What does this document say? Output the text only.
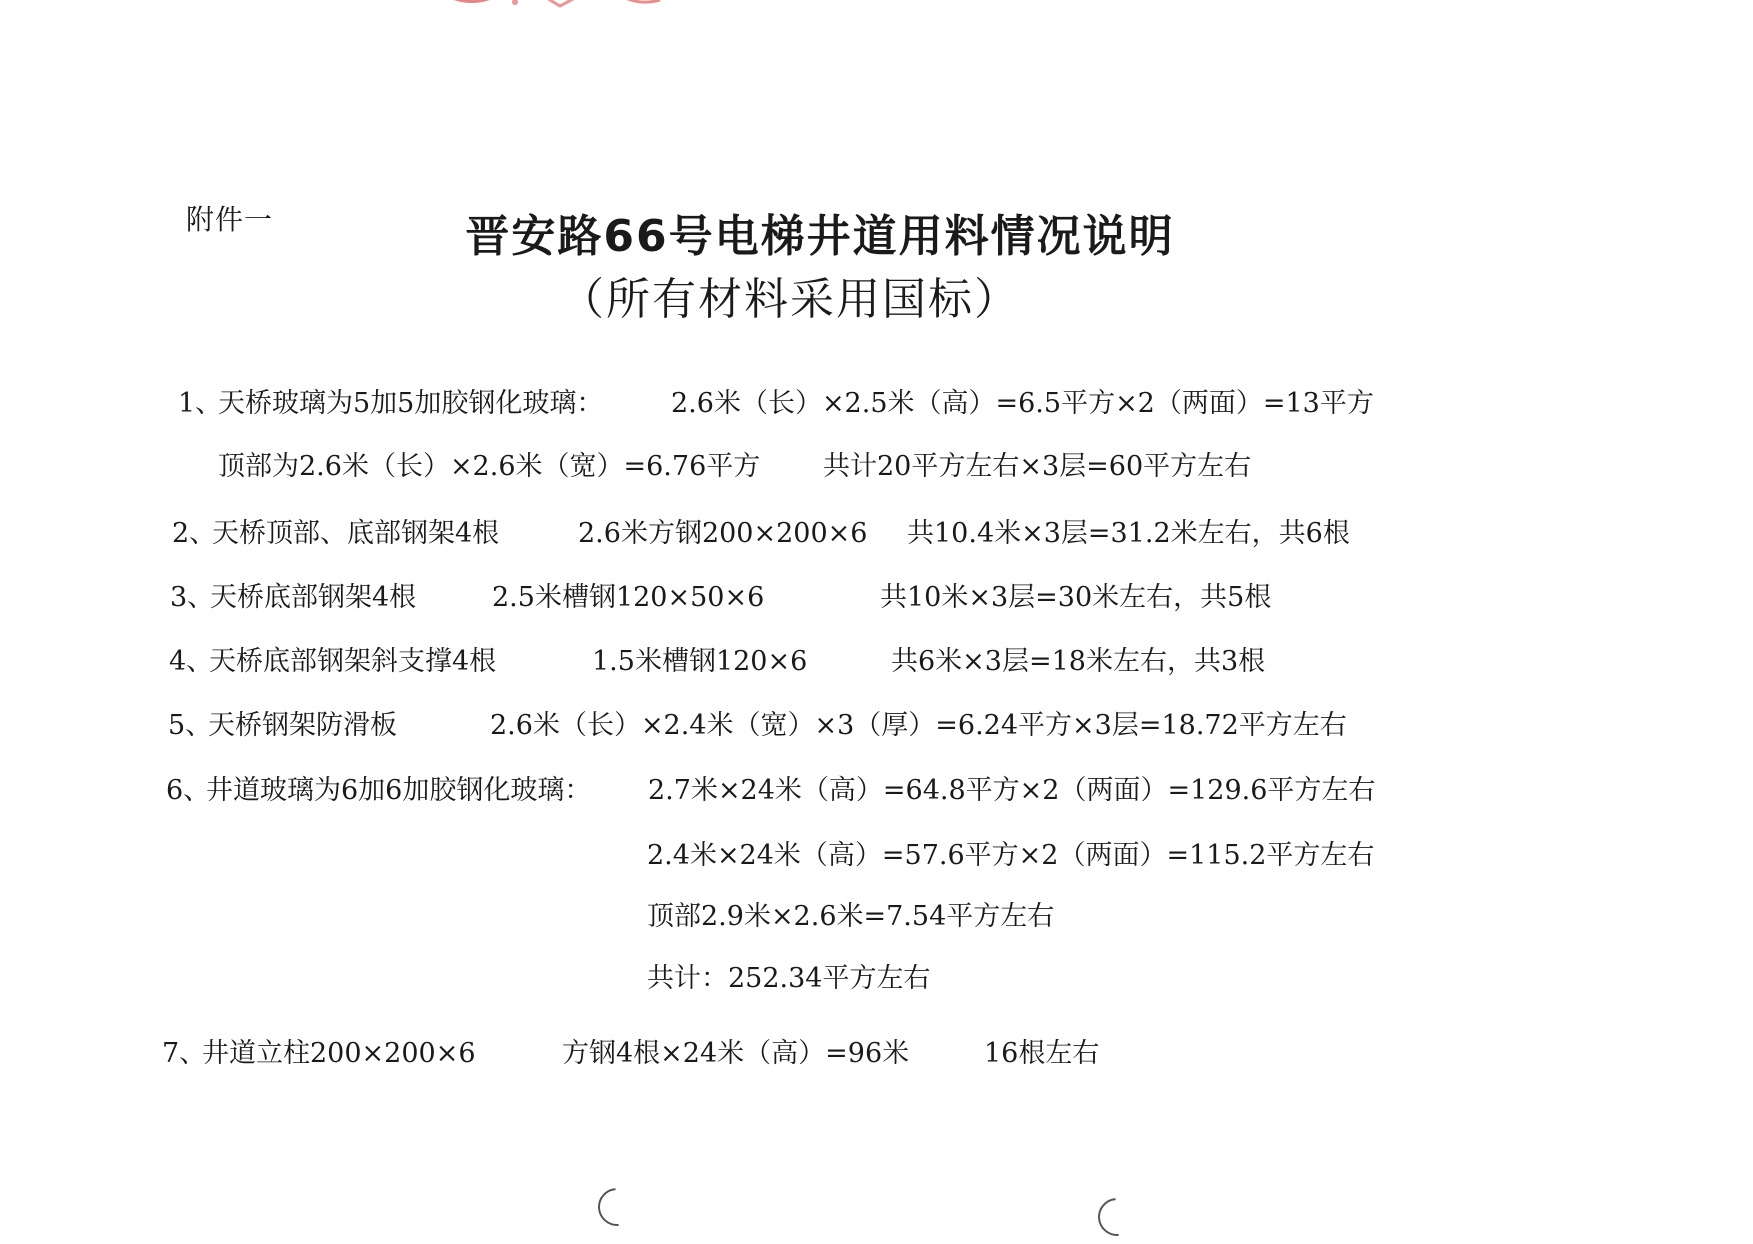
附件一	晋安路66号电梯井道用料情况说明
（所有材料采用国标）
1、
天桥玻璃为5加5加胶钢化玻璃：	2.6米（长）×2.5米（高）=6.5平方×2（两面）=13平方
顶部为2.6米（长）×2.6米（宽）=6.76平方 共计20平方左右×3层=60平方左右
2、
天桥顶部、底部钢架4根	2.6米方钢200×200×6 共10.4米×3层=31.2米左右，共6根
3、
天桥底部钢架4根	2.5米槽钢120×50×6	共10米×3层=30米左右，共5根
4、
天桥底部钢架斜支撑4根	1.5米槽钢120×6	共6米×3层=18米左右，共3根
5、
天桥钢架防滑板	2.6米（长）×2.4米（宽）×3（厚）=6.24平方×3层=18.72平方左右
6、
井道玻璃为6加6加胶钢化玻璃： 2.7米×24米（高）=64.8平方×2（两面）=129.6平方左右
2.4米×24米（高）=57.6平方×2（两面）=115.2平方左右
顶部2.9米×2.6米=7.54平方左右
共计：252.34平方左右
7、
井道立柱200×200×6	方钢4根×24米（高）=96米	16根左右
